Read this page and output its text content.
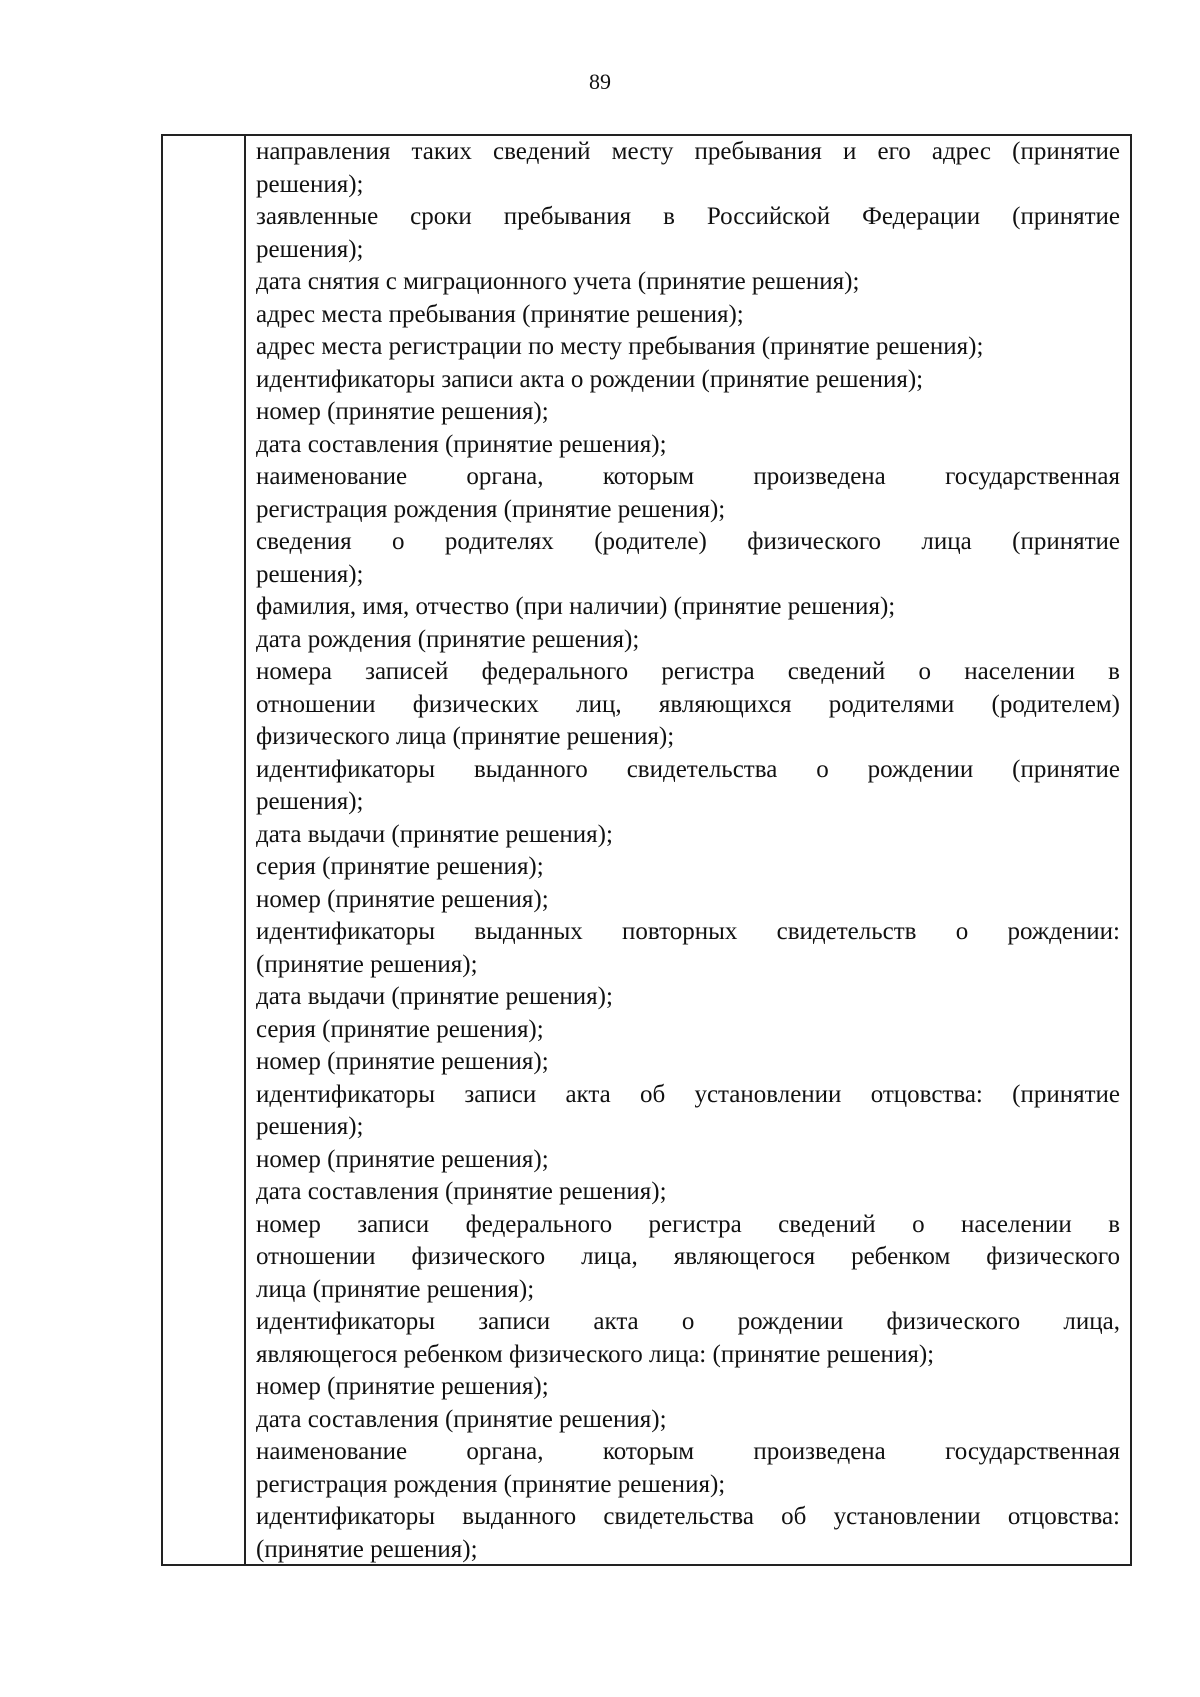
89
направления таких сведений месту пребывания и его адрес (принятие
решения);
заявленные сроки пребывания в Российской Федерации (принятие
решения);
дата снятия с миграционного учета (принятие решения);
адрес места пребывания (принятие решения);
адрес места регистрации по месту пребывания (принятие решения);
идентификаторы записи акта о рождении (принятие решения);
номер (принятие решения);
дата составления (принятие решения);
наименование органа, которым произведена государственная
регистрация рождения (принятие решения);
сведения о родителях (родителе) физического лица (принятие
решения);
фамилия, имя, отчество (при наличии) (принятие решения);
дата рождения (принятие решения);
номера записей федерального регистра сведений о населении в
отношении физических лиц, являющихся родителями (родителем)
физического лица (принятие решения);
идентификаторы выданного свидетельства о рождении (принятие
решения);
дата выдачи (принятие решения);
серия (принятие решения);
номер (принятие решения);
идентификаторы выданных повторных свидетельств о рождении:
(принятие решения);
дата выдачи (принятие решения);
серия (принятие решения);
номер (принятие решения);
идентификаторы записи акта об установлении отцовства: (принятие
решения);
номер (принятие решения);
дата составления (принятие решения);
номер записи федерального регистра сведений о населении в
отношении физического лица, являющегося ребенком физического
лица (принятие решения);
идентификаторы записи акта о рождении физического лица,
являющегося ребенком физического лица: (принятие решения);
номер (принятие решения);
дата составления (принятие решения);
наименование органа, которым произведена государственная
регистрация рождения (принятие решения);
идентификаторы выданного свидетельства об установлении отцовства:
(принятие решения);
